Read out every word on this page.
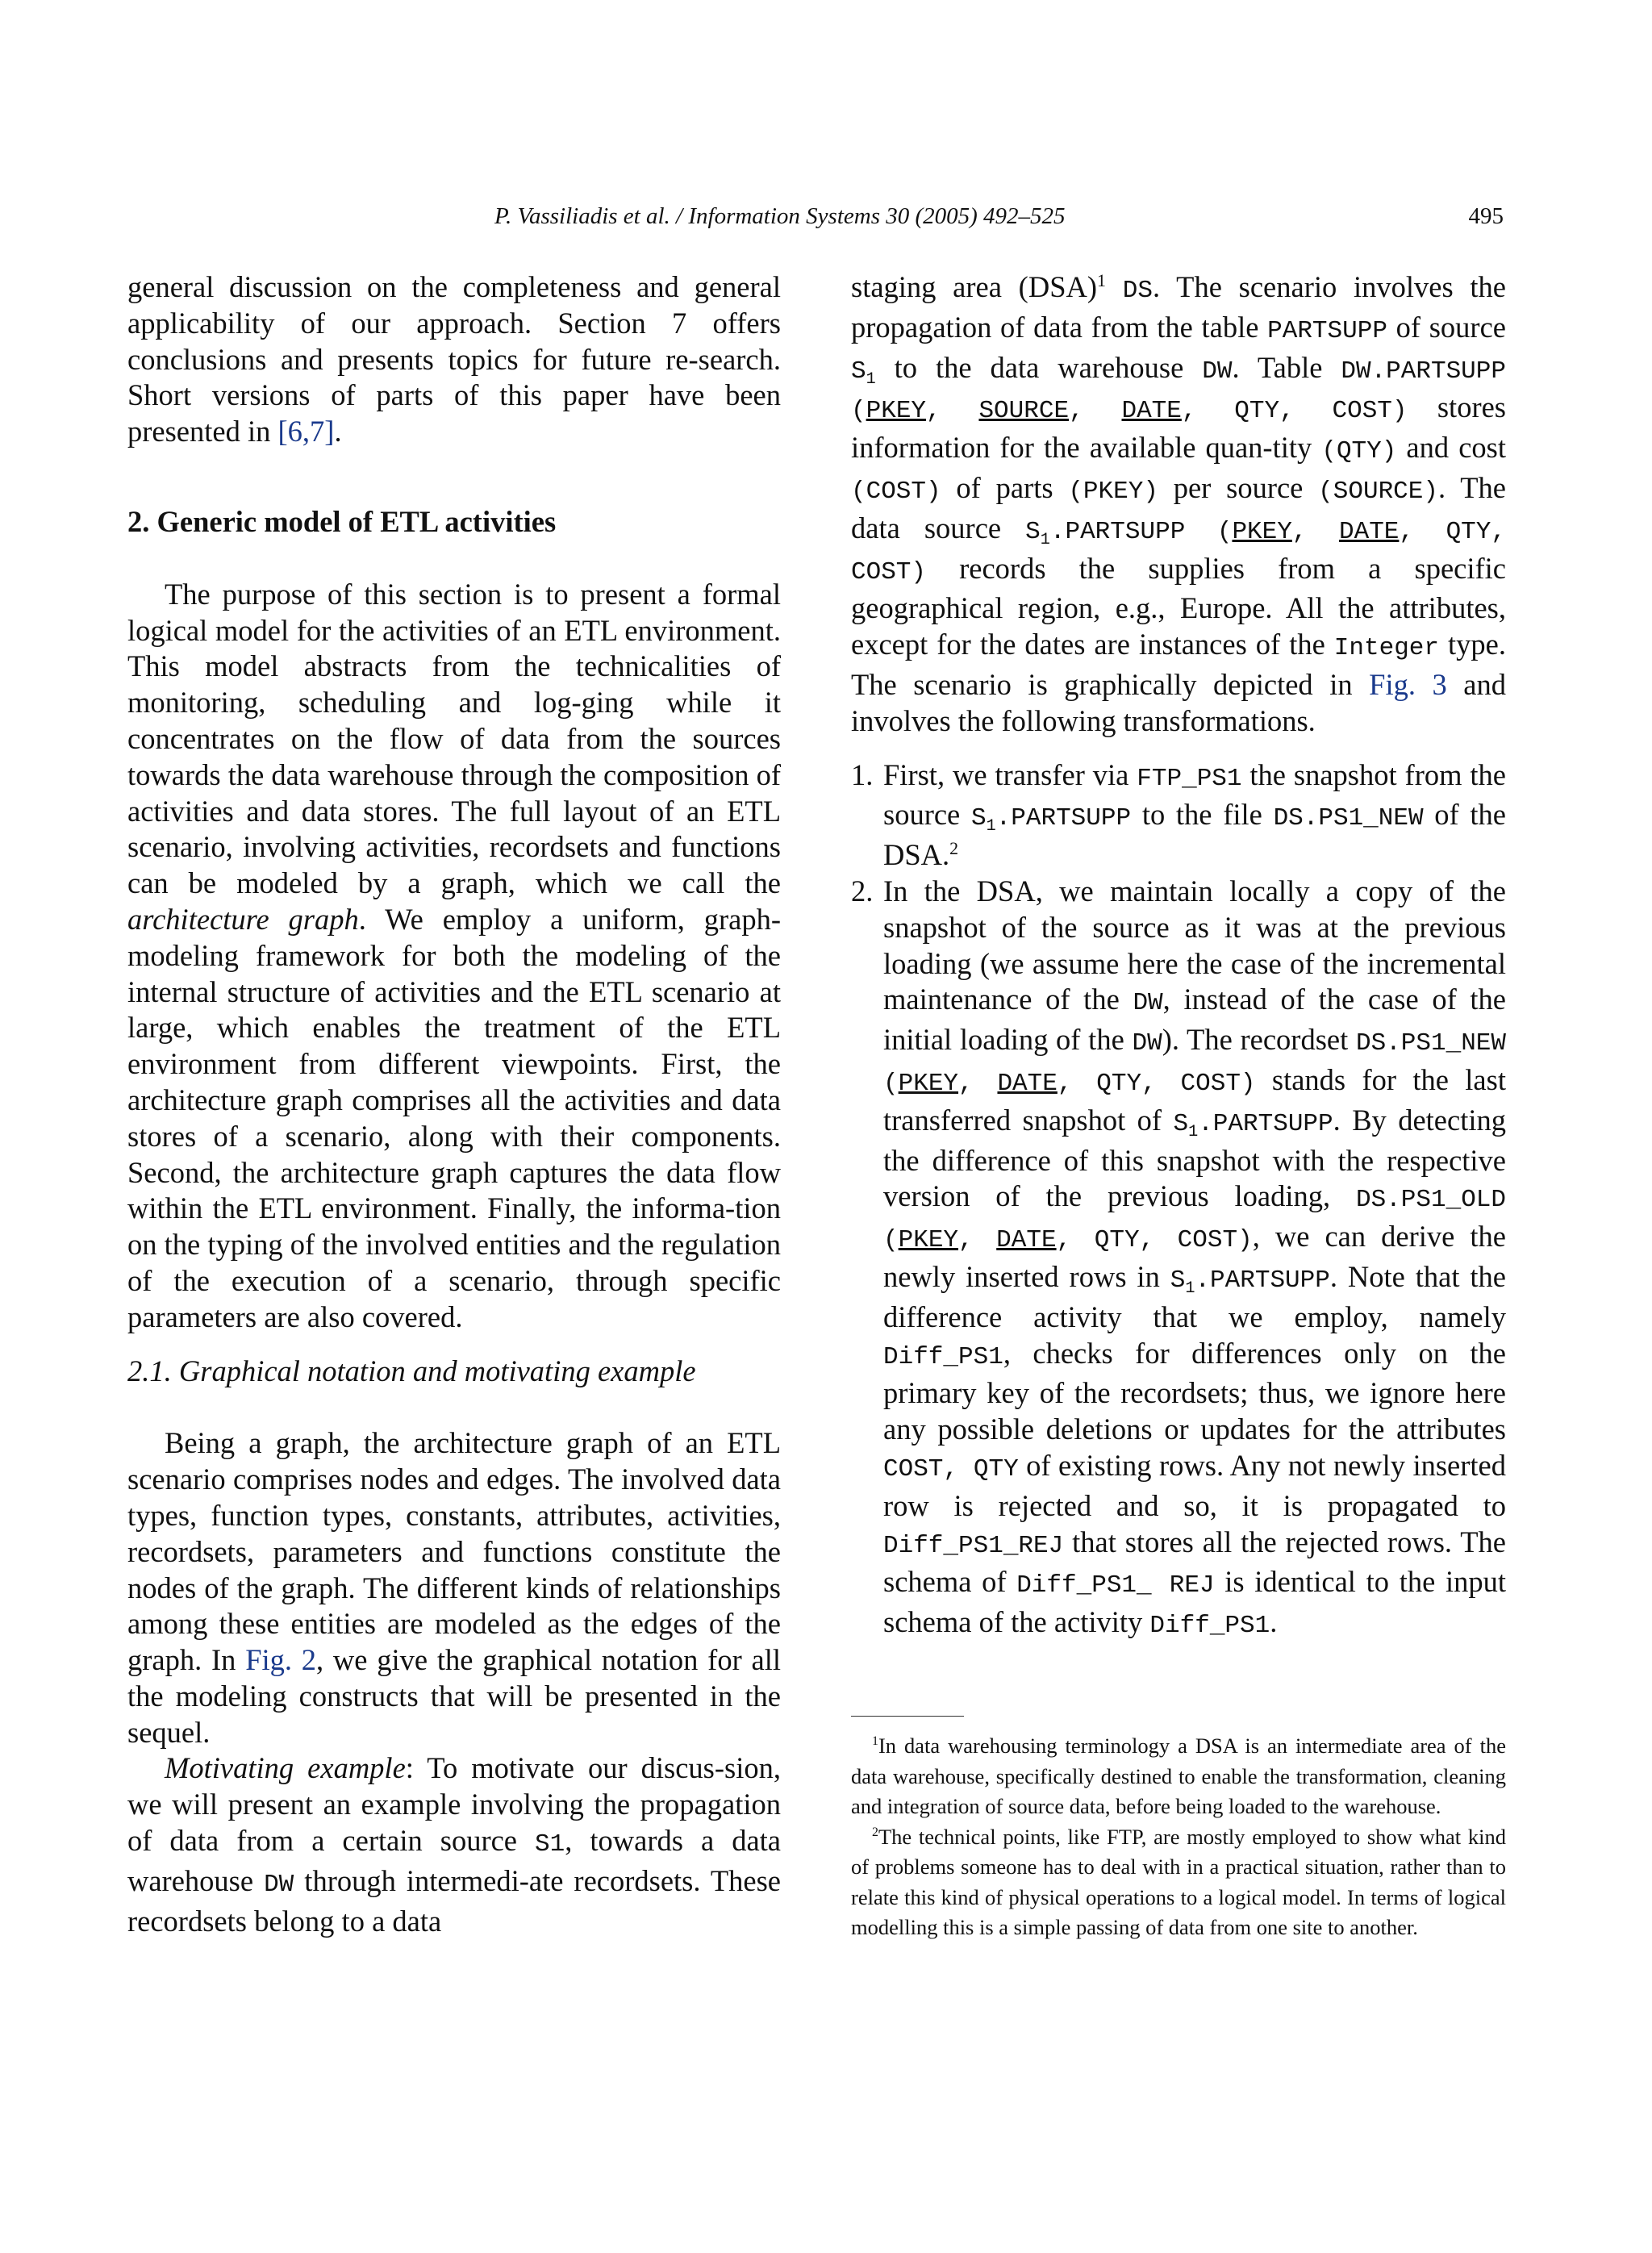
P. Vassiliadis et al. / Information Systems 30 (2005) 492–525	495

general discussion on the completeness and general applicability of our approach. Section 7 offers conclusions and presents topics for future re-search. Short versions of parts of this paper have been presented in [6,7].

2. Generic model of ETL activities

The purpose of this section is to present a formal logical model for the activities of an ETL environment. This model abstracts from the technicalities of monitoring, scheduling and log-ging while it concentrates on the flow of data from the sources towards the data warehouse through the composition of activities and data stores. The full layout of an ETL scenario, involving activities, recordsets and functions can be modeled by a graph, which we call the architecture graph. We employ a uniform, graph-modeling framework for both the modeling of the internal structure of activities and the ETL scenario at large, which enables the treatment of the ETL environment from different viewpoints. First, the architecture graph comprises all the activities and data stores of a scenario, along with their components. Second, the architecture graph captures the data flow within the ETL environment. Finally, the informa-tion on the typing of the involved entities and the regulation of the execution of a scenario, through specific parameters are also covered.

2.1. Graphical notation and motivating example

Being a graph, the architecture graph of an ETL scenario comprises nodes and edges. The involved data types, function types, constants, attributes, activities, recordsets, parameters and functions constitute the nodes of the graph. The different kinds of relationships among these entities are modeled as the edges of the graph. In Fig. 2, we give the graphical notation for all the modeling constructs that will be presented in the sequel.

Motivating example: To motivate our discus-sion, we will present an example involving the propagation of data from a certain source S1, towards a data warehouse DW through intermedi-ate recordsets. These recordsets belong to a data

staging area (DSA)$^1$ DS. The scenario involves the propagation of data from the table PARTSUPP of source $S_1$ to the data warehouse DW. Table DW.PARTSUPP (PKEY, SOURCE, DATE, QTY, COST) stores information for the available quan-tity (QTY) and cost (COST) of parts (PKEY) per source (SOURCE). The data source $S_1.PARTSUPP$ (PKEY, DATE, QTY, COST) records the supplies from a specific geographical region, e.g., Europe. All the attributes, except for the dates are instances of the Integer type. The scenario is graphically depicted in Fig. 3 and involves the following transformations.

1. First, we transfer via FTP_PS1 the snapshot from the source $S_1.PARTSUPP$ to the file DS.PS1_NEW of the DSA.$^2$
2. In the DSA, we maintain locally a copy of the snapshot of the source as it was at the previous loading (we assume here the case of the incremental maintenance of the DW, instead of the case of the initial loading of the DW). The recordset DS.PS1_NEW (PKEY, DATE, QTY, COST) stands for the last transferred snapshot of $S_1.PARTSUPP$. By detecting the difference of this snapshot with the respective version of the previous loading, DS.PS1_OLD (PKEY, DATE, QTY, COST), we can derive the newly inserted rows in $S_1.PARTSUPP$. Note that the difference activity that we employ, namely Diff_PS1, checks for differences only on the primary key of the recordsets; thus, we ignore here any possible deletions or updates for the attributes COST, QTY of existing rows. Any not newly inserted row is rejected and so, it is propagated to Diff_PS1_REJ that stores all the rejected rows. The schema of Diff_PS1_ REJ is identical to the input schema of the activity Diff_PS1.

$^1$In data warehousing terminology a DSA is an intermediate area of the data warehouse, specifically destined to enable the transformation, cleaning and integration of source data, before being loaded to the warehouse.

$^2$The technical points, like FTP, are mostly employed to show what kind of problems someone has to deal with in a practical situation, rather than to relate this kind of physical operations to a logical model. In terms of logical modelling this is a simple passing of data from one site to another.
